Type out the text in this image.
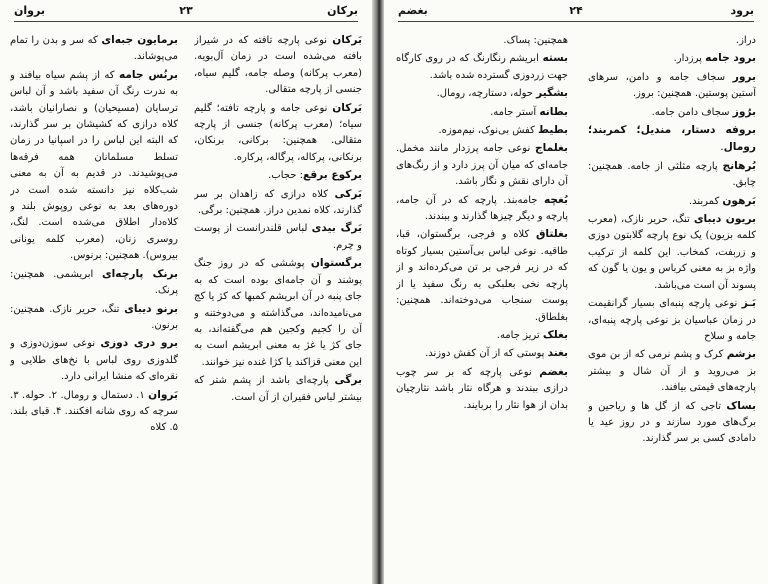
برکان
۲۳
بروان

بَرکان نوعی پارچه تافته که در شیراز بافته می‌شده است در زمان آل‌بویه. (معرب پرکانه) وصله جامه، گلیم سیاه، جنسی از پارچه متقالی.

بَرکان نوعی جامه و پارچه تافته؛ گلیم سیاه؛ (معرب پرکانه) جنسی از پارچه متقالی. همچنین: برکانی، برنکان، برنکانی، پرکاله، پرگاله، پرکاره.

برکوع برقع: حجاب.

بَرکی کلاه درازی که زاهدان بر سر گذارند، کلاه نمدین دراز. همچنین: برگی.

بَرگ بیدی لباس قلندرانست از پوست و چرم.

برگستوان پوششی که در روز جنگ پوشند و آن جامه‌ای بوده است که به جای پنبه در آن ابریشم کمبها که کژ یا کج می‌نامیده‌اند، می‌گذاشته و می‌دوختنه و آن را کجیم وکجین هم می‌گفته‌اند، به جای کژ یا غژ به معنی ابریشم است به این معنی قزاکند یا کژا غنده نیز خوانند.

برگی پارچه‌ای باشد از پشم شتر که بیشتر لباس فقیران از آن است.

برمایون جبه‌ای که سر و بدن را تمام می‌پوشاند.

برنُس جامه که از پشم سیاه بیافند و به ندرت رنگ آن سفید باشد و آن لباس ترسایان (مسیحیان) و نصارانیان باشد، کلاه درازی که کشیشان بر سر گذارند، که البته این لباس را در اسپانیا در زمان تسلط مسلمانان همه فرقه‌ها می‌پوشیدند. در قدیم به آن به معنی شب‌کلاه نیز دانسته شده است در دوره‌های بعد به نوعی روپوش بلند و کلاه‌دار اطلاق می‌شده است. لنگ، روسری زنان، (معرب کلمه یونانی بیروس). همچنین: برنوس.

برنک پارچه‌ای ابریشمی. همچنین: پرنک.

برنو دیبای تنگ، حریر نازک. همچنین: برنون.

برو دری دوزی نوعی سوزن‌دوزی و گلدوزی روی لباس با نخ‌های طلایی و نقره‌ای که منشا ایرانی دارد.

بَروان ۱. دستمال و رومال. ۲. حوله. ۳. سرچه که روی شانه افکنند. ۴. قبای بلند. ۵. کلاه

برود
۲۴
بغضم

دراز.

برود جامه پرزدار.

برور سجاف جامه و دامن، سرهای آستین پوستین. همچنین: بروز.

برُوز سجاف دامن جامه.

بروفه دستار، مندیل؛ کمربند؛ رومال.

بُرهانج پارچه مثلثی از جامه. همچنین: چابق.

بَرهون کمربند.

بریون دیبای تنگ، حریر نازک، (معرب کلمه بزیون) یک نوع پارچه گلابتون دوزی و زربفت، کمخاب. این کلمه از ترکیب واژه بز به معنی کرباس و یون یا گون که پسوند آن است می‌باشد.

بَـز نوعی پارچه پنبه‌ای بسیار گرانقیمت در زمان عباسیان بز نوعی پارچه پنبه‌ای، جامه و سلاح

بزشم کرک و پشم نرمی که از بن موی بز می‌روید و از آن شال و بیشتر پارچه‌های قیمتی بیافند.

بساک تاجی که از گل ها و ریاحین و برگ‌های مورد سازند و در روز عید یا دامادی کسی بر سر گذارند.

همچنین: پساک.

بسته ابریشم رنگارنگ که در روی کارگاه جهت زردوزی گسترده شده باشد.

بشگیر حوله، دستارچه، رومال.

بطانه آستر جامه.

بطیط کفش بی‌نوک، نیم‌موزه.

بغلماج نوعی جامه پرزدار مانند مخمل. جامه‌ای که میان آن پرز دارد و از رنگ‌های آن دارای نقش و نگار باشد.

بُغچه جامه‌بند. پارچه که در آن جامه، پارچه و دیگر چیزها گذارند و ببندند.

بغلتاق کلاه و فرجی، برگستوان، قبا، طاقیه. نوعی لباس بی‌آستین بسیار کوتاه که در زیر فرجی بر تن می‌کرده‌اند و از پارچه نخی بعلبکی به رنگ سفید یا از پوست سنجاب می‌دوخته‌اند. همچنین: بغلطاق.

بغلک تریز جامه.

بغند پوستی که از آن کفش دوزند.

بغضم نوعی پارچه که بر سر چوب درازی ببندند و هرگاه نثار باشد نثارچیان بدان از هوا نثار را بربایند.
